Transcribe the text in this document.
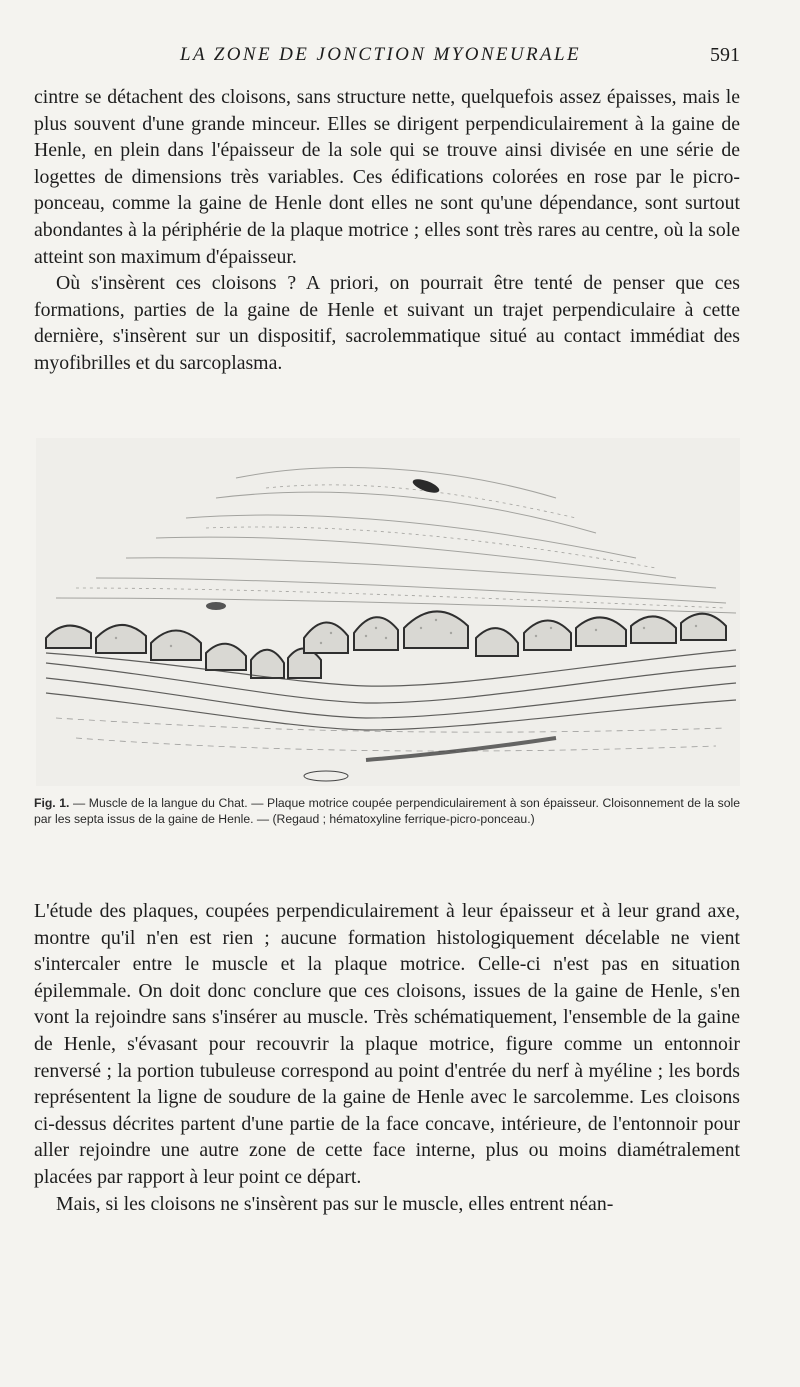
LA ZONE DE JONCTION MYONEURALE	591

cintre se détachent des cloisons, sans structure nette, quelquefois assez épaisses, mais le plus souvent d'une grande minceur. Elles se dirigent perpendiculairement à la gaine de Henle, en plein dans l'épaisseur de la sole qui se trouve ainsi divisée en une série de logettes de dimensions très variables. Ces édifications colorées en rose par le picro-ponceau, comme la gaine de Henle dont elles ne sont qu'une dépendance, sont surtout abondantes à la périphérie de la plaque motrice ; elles sont très rares au centre, où la sole atteint son maximum d'épaisseur.

Où s'insèrent ces cloisons ? A priori, on pourrait être tenté de penser que ces formations, parties de la gaine de Henle et suivant un trajet perpendiculaire à cette dernière, s'insèrent sur un dispositif, sacrolemmatique situé au contact immédiat des myofibrilles et du sarcoplasma.

Fig. 1. — Muscle de la langue du Chat. — Plaque motrice coupée perpendiculairement à son épaisseur. Cloisonnement de la sole par les septa issus de la gaine de Henle. — (Regaud ; hématoxyline ferrique-picro-ponceau.)

L'étude des plaques, coupées perpendiculairement à leur épaisseur et à leur grand axe, montre qu'il n'en est rien ; aucune formation histologiquement décelable ne vient s'intercaler entre le muscle et la plaque motrice. Celle-ci n'est pas en situation épilemmale. On doit donc conclure que ces cloisons, issues de la gaine de Henle, s'en vont la rejoindre sans s'insérer au muscle. Très schématiquement, l'ensemble de la gaine de Henle, s'évasant pour recouvrir la plaque motrice, figure comme un entonnoir renversé ; la portion tubuleuse correspond au point d'entrée du nerf à myéline ; les bords représentent la ligne de soudure de la gaine de Henle avec le sarcolemme. Les cloisons ci-dessus décrites partent d'une partie de la face concave, intérieure, de l'entonnoir pour aller rejoindre une autre zone de cette face interne, plus ou moins diamétralement placées par rapport à leur point ce départ.

Mais, si les cloisons ne s'insèrent pas sur le muscle, elles entrent néan-
